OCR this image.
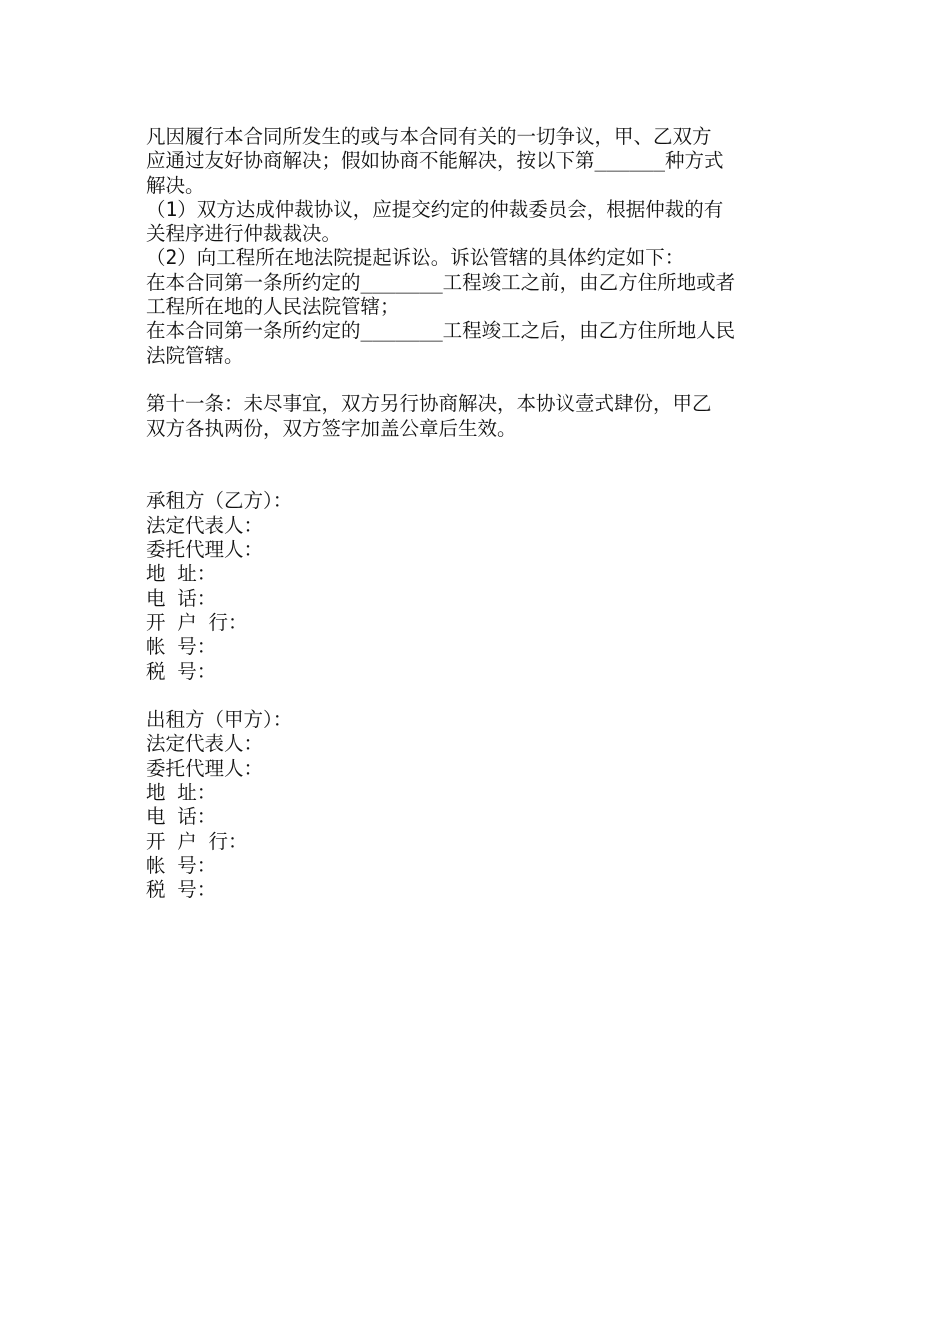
凡因履行本合同所发生的或与本合同有关的一切争议，甲、乙双方
应通过友好协商解决；假如协商不能解决，按以下第______种方式
解决。
（1）双方达成仲裁协议，应提交约定的仲裁委员会，根据仲裁的有
关程序进行仲裁裁决。
（2）向工程所在地法院提起诉讼。诉讼管辖的具体约定如下：
在本合同第一条所约定的_______工程竣工之前，由乙方住所地或者
工程所在地的人民法院管辖；
在本合同第一条所约定的_______工程竣工之后，由乙方住所地人民
法院管辖。
第十一条：未尽事宜，双方另行协商解决，本协议壹式肆份，甲乙
双方各执两份，双方签字加盖公章后生效。
承租方（乙方）：
法定代表人：
委托代理人：
地 址：
电 话：
开 户 行：
帐 号：
税 号：
出租方（甲方）：
法定代表人：
委托代理人：
地 址：
电 话：
开 户 行：
帐 号：
税 号：
